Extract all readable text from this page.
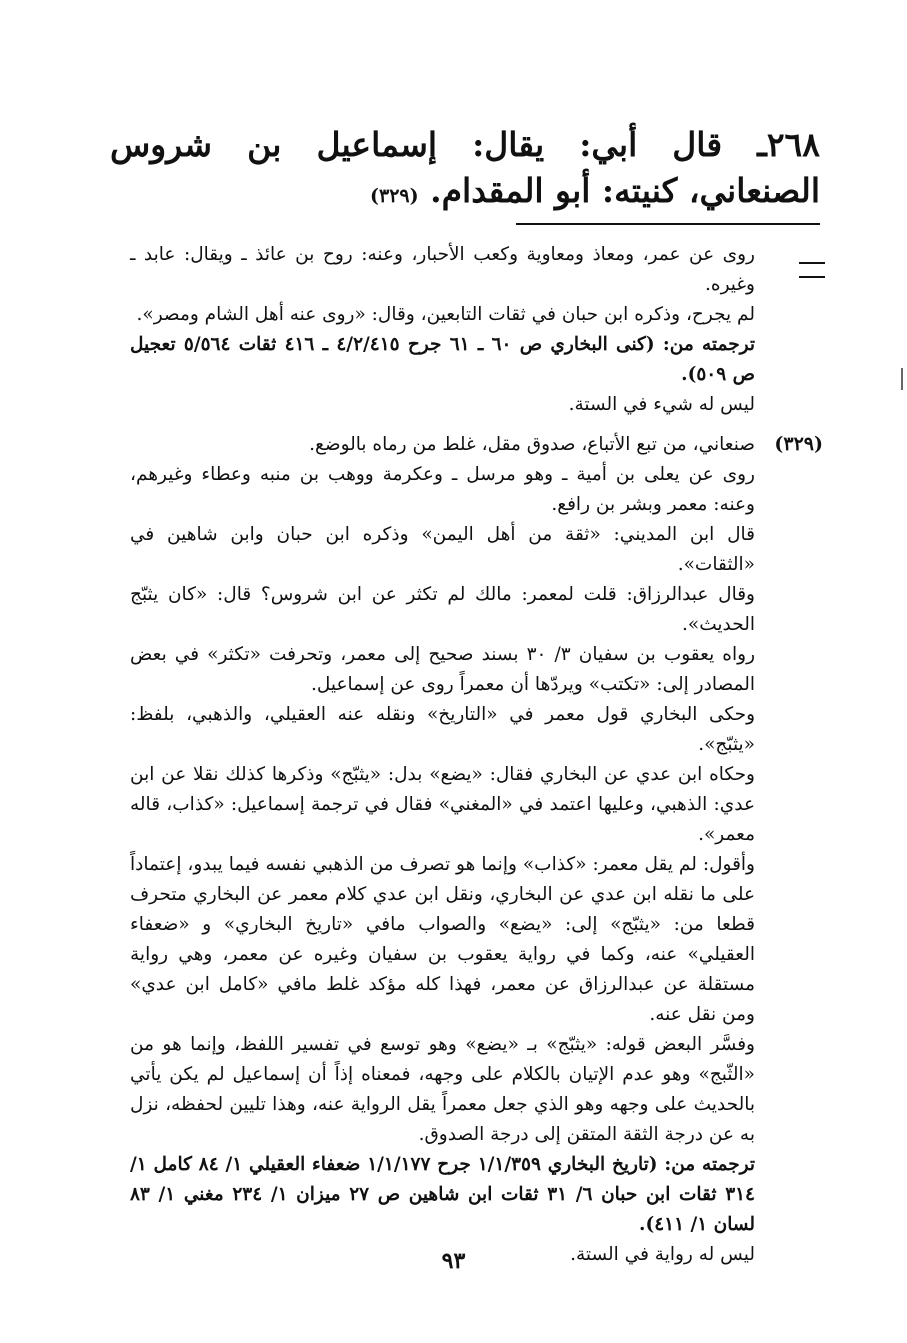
٢٦٨ـ قال أبي: يقال: إسماعيل بن شروس الصنعاني، كنيته: أبو المقدام. (٣٢٩)

روى عن عمر، ومعاذ ومعاوية وكعب الأحبار، وعنه: روح بن عائذ ـ ويقال: عابد ـ وغيره.

لم يجرح، وذكره ابن حبان في ثقات التابعين، وقال: «روى عنه أهل الشام ومصر».

ترجمته من: (كنى البخاري ص ٦٠ ـ ٦١ جرح ٤/٢/٤١٥ ـ ٤١٦ ثقات ٥/٥٦٤ تعجيل ص ٥٠٩).

ليس له شيء في الستة.

(٣٢٩)

صنعاني، من تبع الأتباع، صدوق مقل، غلط من رماه بالوضع.

روى عن يعلى بن أمية ـ وهو مرسل ـ وعكرمة ووهب بن منبه وعطاء وغيرهم، وعنه: معمر وبشر بن رافع.

قال ابن المديني: «ثقة من أهل اليمن» وذكره ابن حبان وابن شاهين في «الثقات».

وقال عبدالرزاق: قلت لمعمر: مالك لم تكثر عن ابن شروس؟ قال: «كان يثبّج الحديث».

رواه يعقوب بن سفيان ٣/ ٣٠ بسند صحيح إلى معمر، وتحرفت «تكثر» في بعض المصادر إلى: «تكتب» ويردّها أن معمراً روى عن إسماعيل.

وحكى البخاري قول معمر في «التاريخ» ونقله عنه العقيلي، والذهبي، بلفظ: «يثبّج».

وحكاه ابن عدي عن البخاري فقال: «يضع» بدل: «يثبّج» وذكرها كذلك نقلا عن ابن عدي: الذهبي، وعليها اعتمد في «المغني» فقال في ترجمة إسماعيل: «كذاب، قاله معمر».

وأقول: لم يقل معمر: «كذاب» وإنما هو تصرف من الذهبي نفسه فيما يبدو، إعتماداً على ما نقله ابن عدي عن البخاري، ونقل ابن عدي كلام معمر عن البخاري متحرف قطعا من: «يثبّج» إلى: «يضع» والصواب مافي «تاريخ البخاري» و «ضعفاء العقيلي» عنه، وكما في رواية يعقوب بن سفيان وغيره عن معمر، وهي رواية مستقلة عن عبدالرزاق عن معمر، فهذا كله مؤكد غلط مافي «كامل ابن عدي» ومن نقل عنه.

وفسَّر البعض قوله: «يثبّج» بـ «يضع» وهو توسع في تفسير اللفظ، وإنما هو من «الثّبج» وهو عدم الإتيان بالكلام على وجهه، فمعناه إذاً أن إسماعيل لم يكن يأتي بالحديث على وجهه وهو الذي جعل معمراً يقل الرواية عنه، وهذا تليين لحفظه، نزل به عن درجة الثقة المتقن إلى درجة الصدوق.

ترجمته من: (تاريخ البخاري ١/١/٣٥٩ جرح ١/١/١٧٧ ضعفاء العقيلي ١/ ٨٤ كامل ١/ ٣١٤ ثقات ابن حبان ٦/ ٣١ ثقات ابن شاهين ص ٢٧ ميزان ١/ ٢٣٤ مغني ١/ ٨٣ لسان ١/ ٤١١).

ليس له رواية في الستة.

٩٣
